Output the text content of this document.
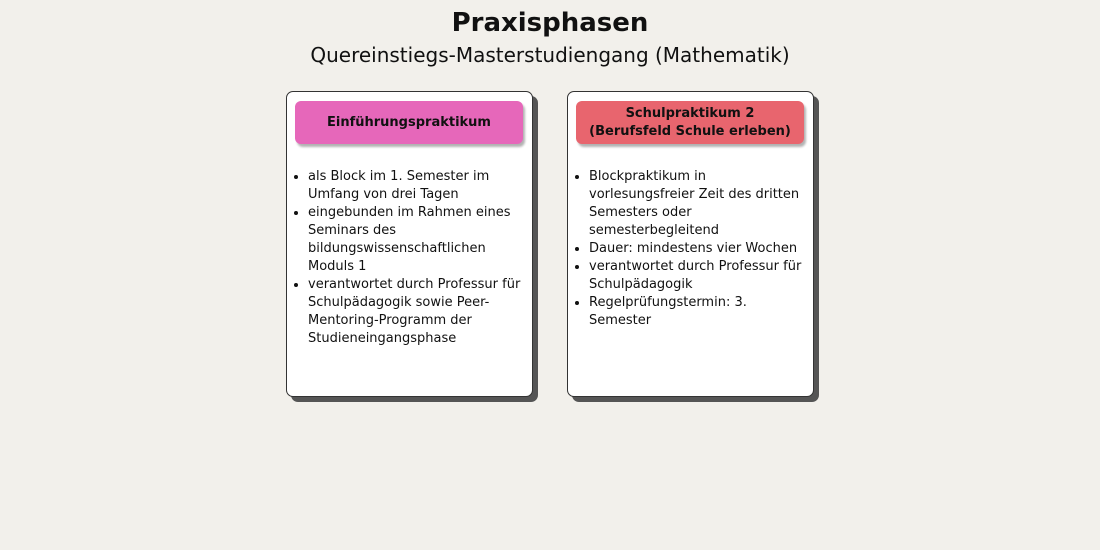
Praxisphasen
Quereinstiegs-Masterstudiengang (Mathematik)
Einführungspraktikum
• als Block im 1. Semester im Umfang von drei Tagen
• eingebunden im Rahmen eines Seminars des bildungswissenschaftlichen Moduls 1
• verantwortet durch Professur für Schulpädagogik sowie Peer-Mentoring-Programm der Studieneingangsphase
Schulpraktikum 2
(Berufsfeld Schule erleben)
• Blockpraktikum in vorlesungsfreier Zeit des dritten Semesters oder semesterbegleitend
• Dauer: mindestens vier Wochen
• verantwortet durch Professur für Schulpädagogik
• Regelprüfungstermin: 3. Semester
